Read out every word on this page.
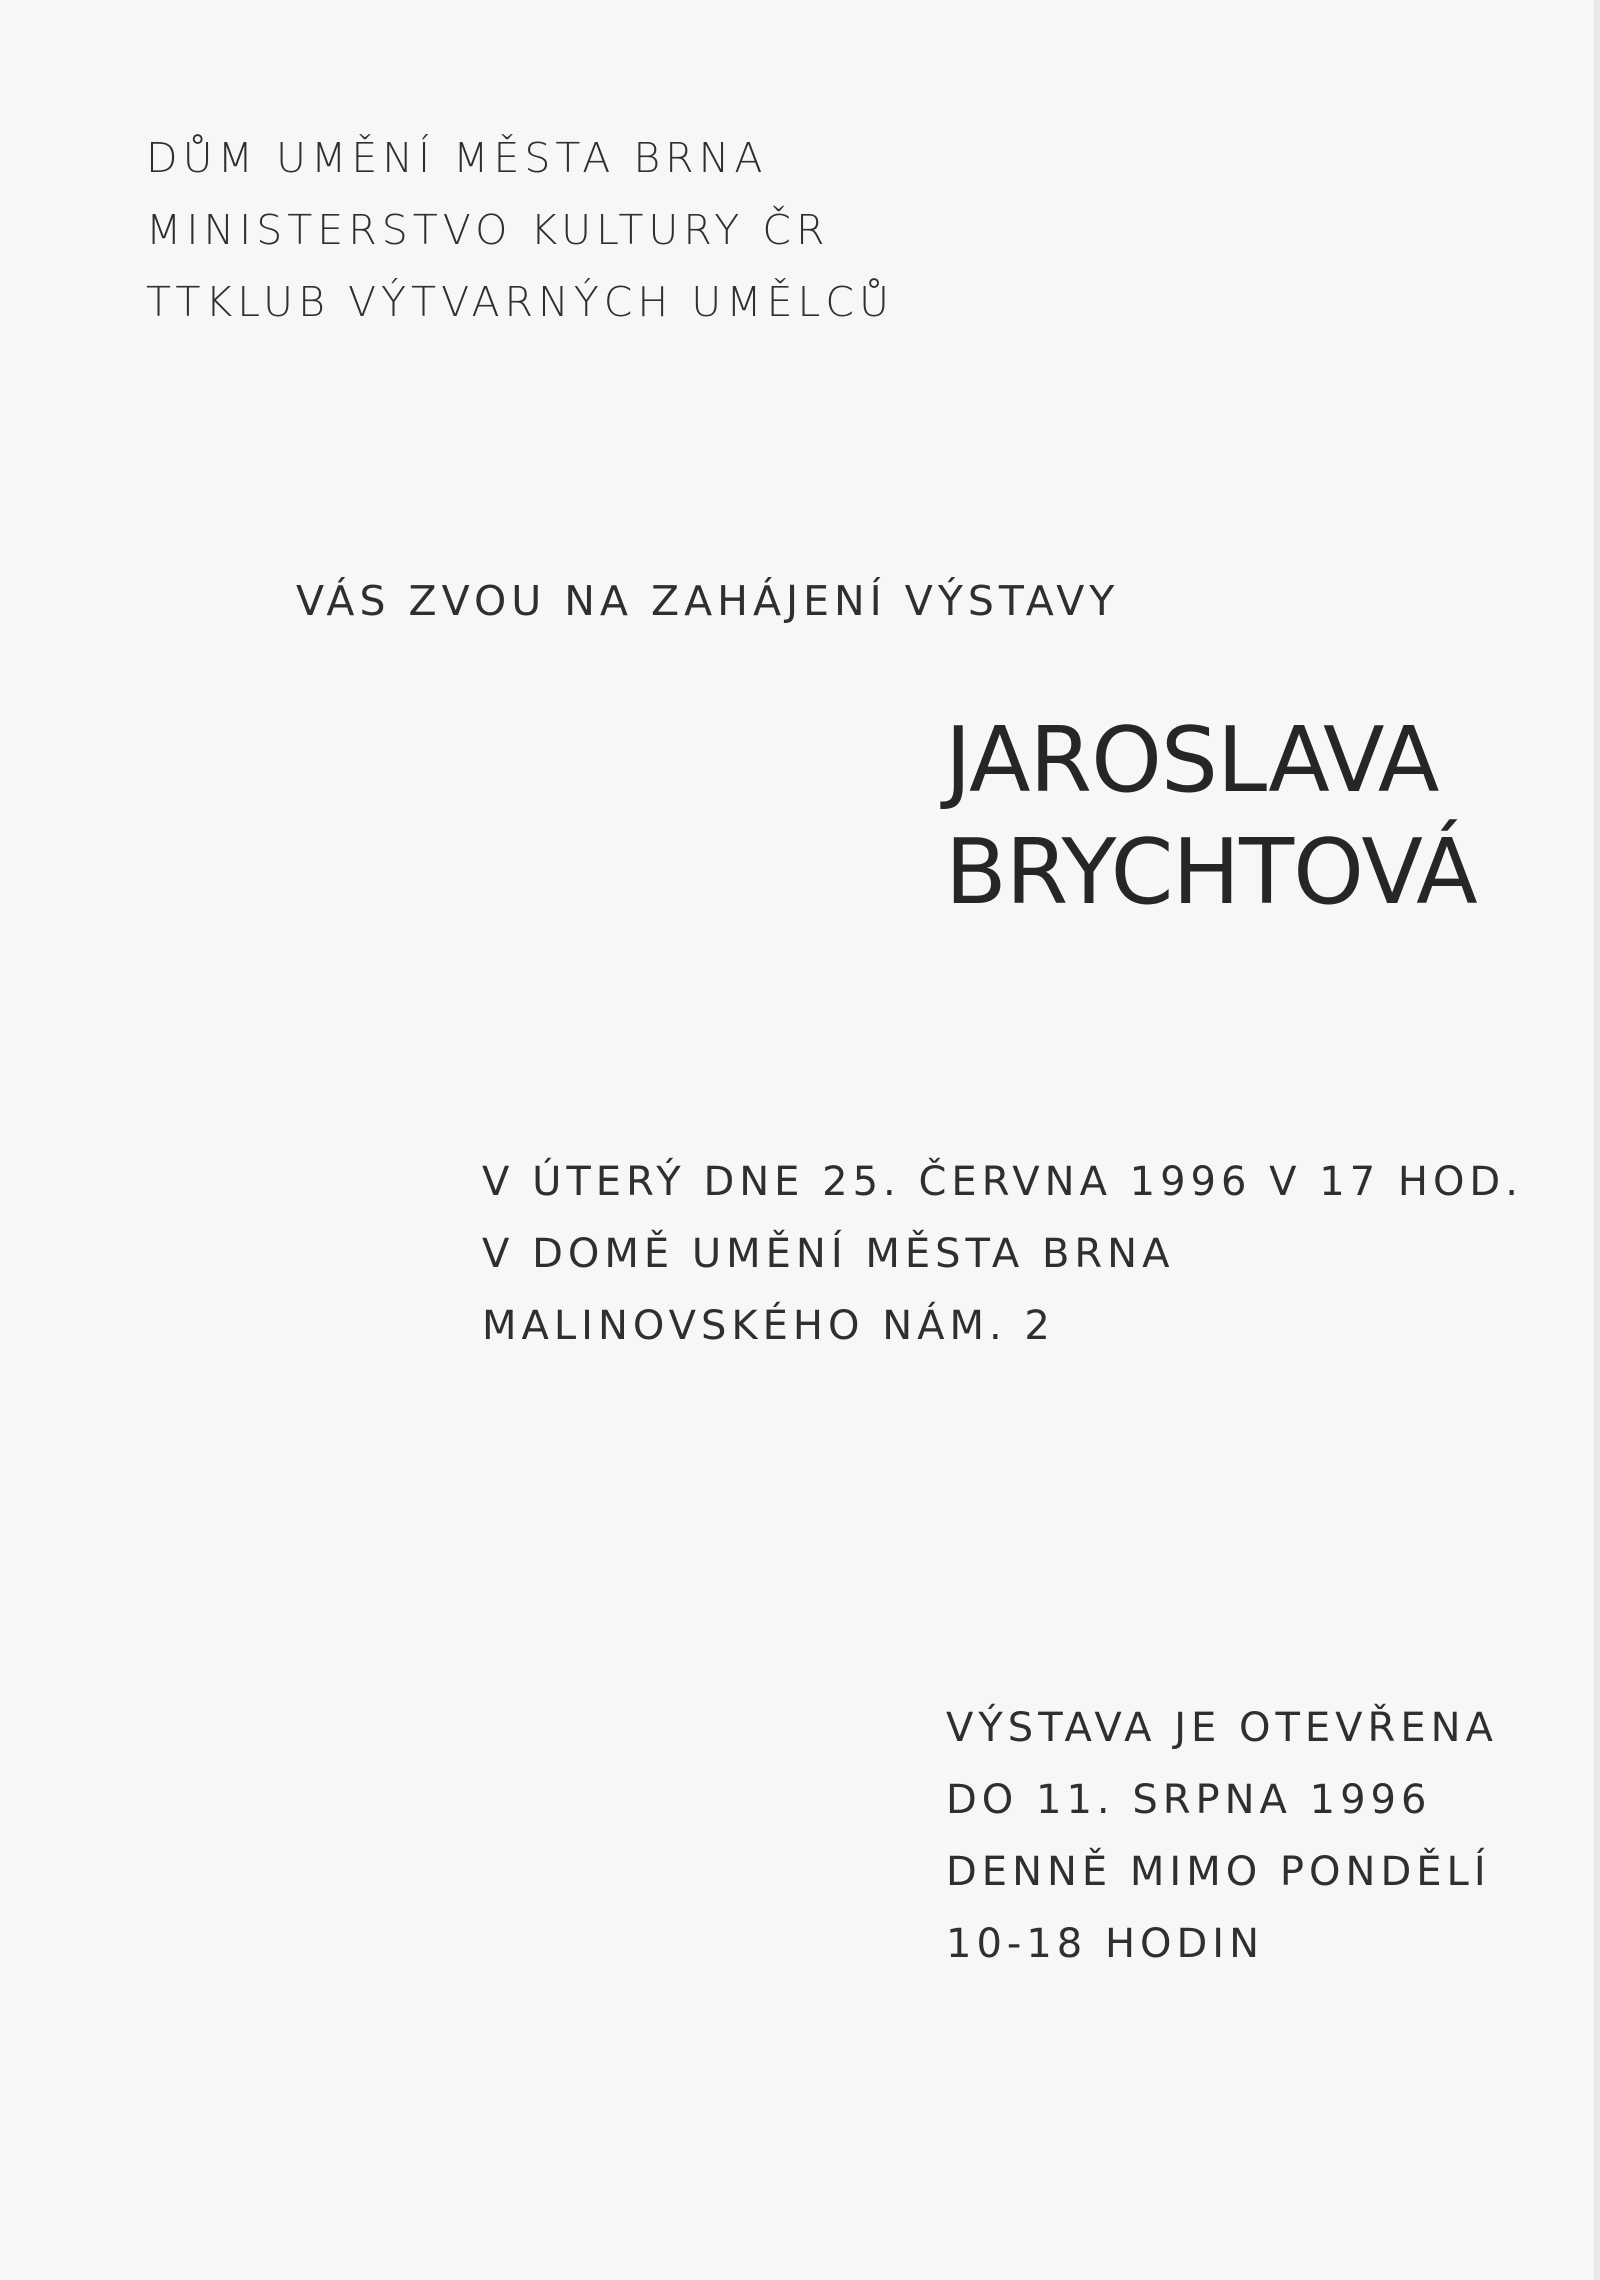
DŮM UMĚNÍ MĚSTA BRNA
MINISTERSTVO KULTURY ČR
TTKLUB VÝTVARNÝCH UMĚLCŮ
VÁS ZVOU NA ZAHÁJENÍ VÝSTAVY
JAROSLAVA
BRYCHTOVÁ
V ÚTERÝ DNE 25. ČERVNA 1996 V 17 HOD.
V DOMĚ UMĚNÍ MĚSTA BRNA
MALINOVSKÉHO NÁM. 2
VÝSTAVA JE OTEVŘENA
DO 11. SRPNA 1996
DENNĚ MIMO PONDĚLÍ
10-18 HODIN
